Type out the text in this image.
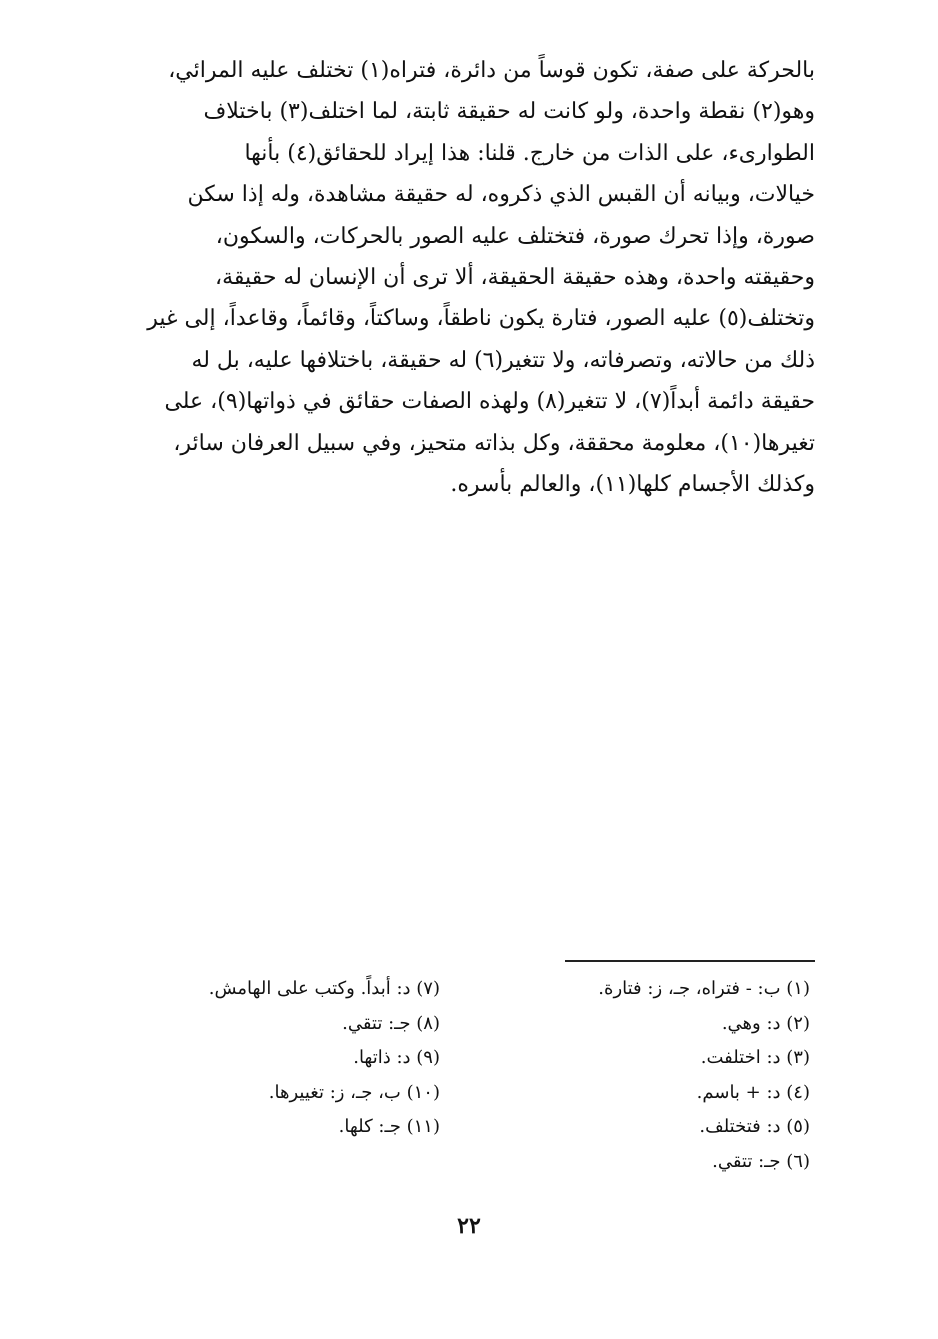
بالحركة على صفة، تكون قوساً من دائرة، فتراه(١) تختلف عليه المرائي،
وهو(٢) نقطة واحدة، ولو كانت له حقيقة ثابتة، لما اختلف(٣) باختلاف
الطوارىء، على الذات من خارج. قلنا: هذا إيراد للحقائق(٤) بأنها
خيالات، وبيانه أن القبس الذي ذكروه، له حقيقة مشاهدة، وله إذا سكن
صورة، وإذا تحرك صورة، فتختلف عليه الصور بالحركات، والسكون،
وحقيقته واحدة، وهذه حقيقة الحقيقة، ألا ترى أن الإنسان له حقيقة،
وتختلف(٥) عليه الصور، فتارة يكون ناطقاً، وساكتاً، وقائماً، وقاعداً، إلى غير
ذلك من حالاته، وتصرفاته، ولا تتغير(٦) له حقيقة، باختلافها عليه، بل له
حقيقة دائمة أبداً(٧)، لا تتغير(٨) ولهذه الصفات حقائق في ذواتها(٩)، على
تغيرها(١٠)، معلومة محققة، وكل بذاته متحيز، وفي سبيل العرفان سائر،
وكذلك الأجسام كلها(١١)، والعالم بأسره.
(١) ب: - فتراه، جـ، ز: فتارة.
(٢) د: وهي.
(٣) د: اختلفت.
(٤) د: + باسم.
(٥) د: فتختلف.
(٦) جـ: تتقي.
(٧) د: أبداً. وكتب على الهامش.
(٨) جـ: تتقي.
(٩) د: ذاتها.
(١٠) ب، جـ، ز: تغييرها.
(١١) جـ: كلها.
٢٢
